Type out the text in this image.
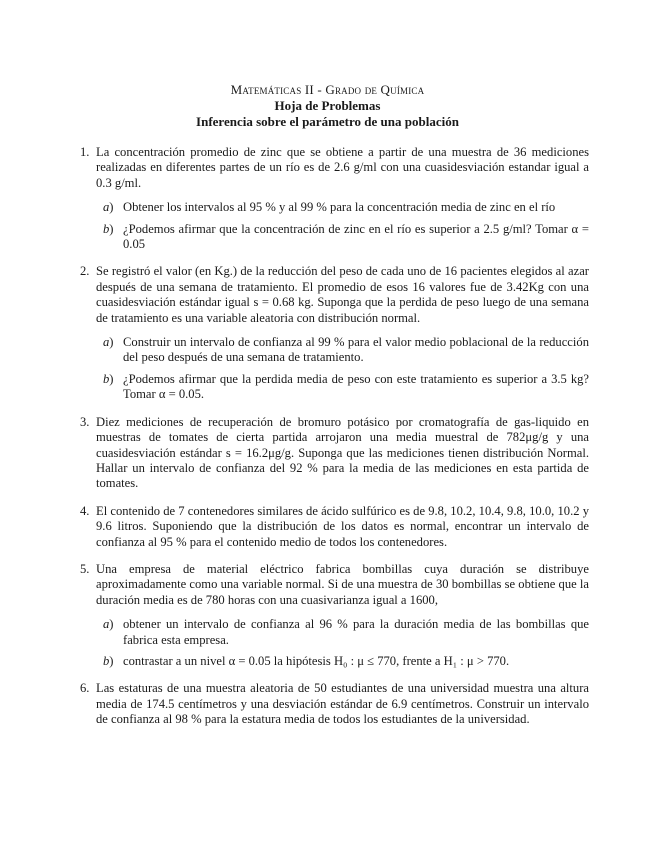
Matemáticas II - Grado de Química
Hoja de Problemas
Inferencia sobre el parámetro de una población
1. La concentración promedio de zinc que se obtiene a partir de una muestra de 36 mediciones realizadas en diferentes partes de un río es de 2.6 g/ml con una cuasidesviación estandar igual a 0.3 g/ml.
a) Obtener los intervalos al 95 % y al 99 % para la concentración media de zinc en el río
b) ¿Podemos afirmar que la concentración de zinc en el río es superior a 2.5 g/ml? Tomar α = 0.05
2. Se registró el valor (en Kg.) de la reducción del peso de cada uno de 16 pacientes elegidos al azar después de una semana de tratamiento. El promedio de esos 16 valores fue de 3.42Kg con una cuasidesviación estándar igual s = 0.68 kg. Suponga que la perdida de peso luego de una semana de tratamiento es una variable aleatoria con distribución normal.
a) Construir un intervalo de confianza al 99 % para el valor medio poblacional de la reducción del peso después de una semana de tratamiento.
b) ¿Podemos afirmar que la perdida media de peso con este tratamiento es superior a 3.5 kg? Tomar α = 0.05.
3. Diez mediciones de recuperación de bromuro potásico por cromatografía de gas-liquido en muestras de tomates de cierta partida arrojaron una media muestral de 782μg/g y una cuasidesviación estándar s = 16.2μg/g. Suponga que las mediciones tienen distribución Normal. Hallar un intervalo de confianza del 92 % para la media de las mediciones en esta partida de tomates.
4. El contenido de 7 contenedores similares de ácido sulfúrico es de 9.8, 10.2, 10.4, 9.8, 10.0, 10.2 y 9.6 litros. Suponiendo que la distribución de los datos es normal, encontrar un intervalo de confianza al 95 % para el contenido medio de todos los contenedores.
5. Una empresa de material eléctrico fabrica bombillas cuya duración se distribuye aproximadamente como una variable normal. Si de una muestra de 30 bombillas se obtiene que la duración media es de 780 horas con una cuasivarianza igual a 1600,
a) obtener un intervalo de confianza al 96 % para la duración media de las bombillas que fabrica esta empresa.
b) contrastar a un nivel α = 0.05 la hipótesis H₀ : μ ≤ 770, frente a H₁ : μ > 770.
6. Las estaturas de una muestra aleatoria de 50 estudiantes de una universidad muestra una altura media de 174.5 centímetros y una desviación estándar de 6.9 centímetros. Construir un intervalo de confianza al 98 % para la estatura media de todos los estudiantes de la universidad.
